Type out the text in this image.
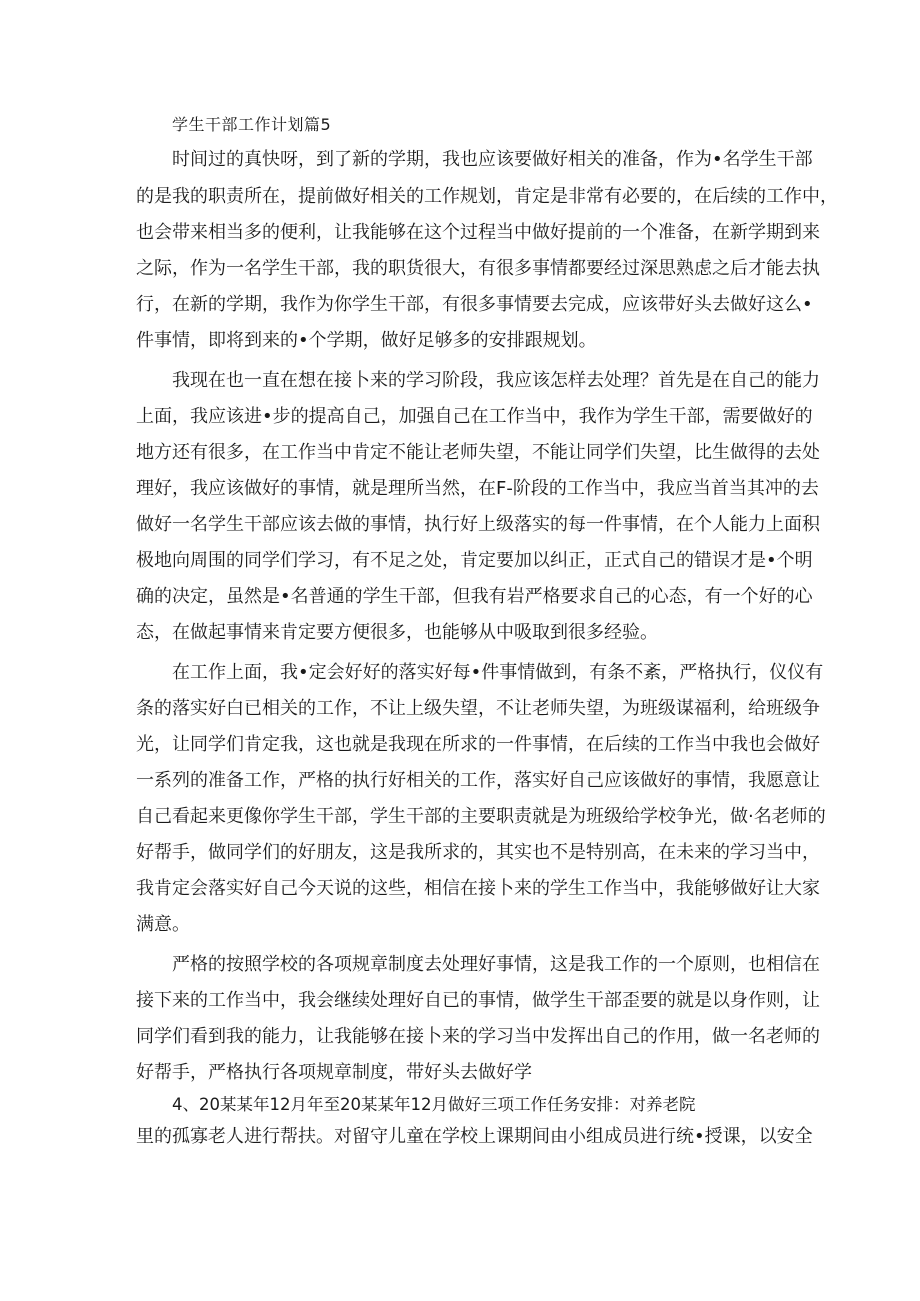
学生干部工作计划篇5
时间过的真快呀，到了新的学期，我也应该要做好相关的准备，作为•名学生干部
的是我的职责所在，提前做好相关的工作规划，肯定是非常有必要的，在后续的工作中，
也会带来相当多的便利，让我能够在这个过程当中做好提前的一个准备，在新学期到来
之际，作为一名学生干部，我的职货很大，有很多事情都要经过深思熟虑之后才能去执
行，在新的学期，我作为你学生干部，有很多事情要去完成，应该带好头去做好这么•
件事情，即将到来的•个学期，做好足够多的安排跟规划。
我现在也一直在想在接卜来的学习阶段，我应该怎样去处理？首先是在自己的能力
上面，我应该进•步的提高自己，加强自己在工作当中，我作为学生干部，需要做好的
地方还有很多，在工作当中肯定不能让老师失望，不能让同学们失望，比生做得的去处
理好，我应该做好的事情，就是理所当然，在F-阶段的工作当中，我应当首当其冲的去
做好一名学生干部应该去做的事情，执行好上级落实的每一件事情，在个人能力上面积
极地向周围的同学们学习，有不足之处，肯定要加以纠正，正式自己的错误才是•个明
确的决定，虽然是•名普通的学生干部，但我有岩严格要求自己的心态，有一个好的心
态，在做起事情来肯定要方便很多，也能够从中吸取到很多经验。
在工作上面，我•定会好好的落实好每•件事情做到，有条不紊，严格执行，仪仪有
条的落实好白已相关的工作，不让上级失望，不让老师失望，为班级谋福利，给班级争
光，让同学们肯定我，这也就是我现在所求的一件事情，在后续的工作当中我也会做好
一系列的准备工作，严格的执行好相关的工作，落实好自己应该做好的事情，我愿意让
自己看起来更像你学生干部，学生干部的主要职责就是为班级给学校争光，做·名老师的
好帮手，做同学们的好朋友，这是我所求的，其实也不是特别高，在未来的学习当中，
我肯定会落实好自己今天说的这些，相信在接卜来的学生工作当中，我能够做好让大家
满意。
严格的按照学校的各项规章制度去处理好事情，这是我工作的一个原则，也相信在
接下来的工作当中，我会继续处理好自已的事情，做学生干部歪要的就是以身作则，让
同学们看到我的能力，让我能够在接卜来的学习当中发挥出自己的作用，做一名老师的
好帮手，严格执行各项规章制度，带好头去做好学
4、20某某年12月年至20某某年12月做好三项工作任务安排：对养老院
里的孤寡老人进行帮扶。对留守儿童在学校上课期间由小组成员进行统•授课，以安全
